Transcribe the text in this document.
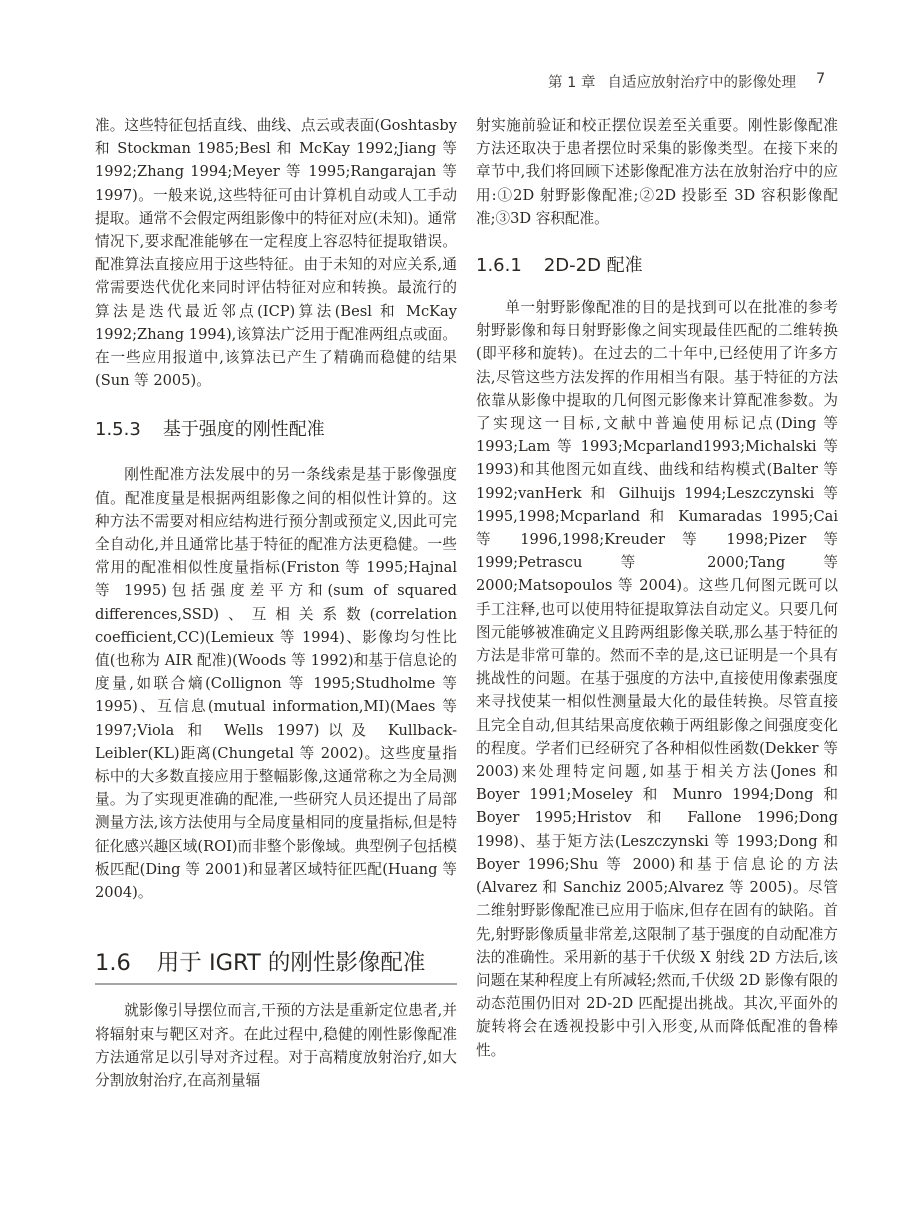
第 1 章 自适应放射治疗中的影像处理 7

准。这些特征包括直线、曲线、点云或表面(Goshtasby 和 Stockman 1985;Besl 和 McKay 1992;Jiang 等 1992;Zhang 1994;Meyer 等 1995;Rangarajan 等 1997)。一般来说,这些特征可由计算机自动或人工手动提取。通常不会假定两组影像中的特征对应(未知)。通常情况下,要求配准能够在一定程度上容忍特征提取错误。配准算法直接应用于这些特征。由于未知的对应关系,通常需要迭代优化来同时评估特征对应和转换。最流行的算法是迭代最近邻点(ICP)算法(Besl 和 McKay 1992;Zhang 1994),该算法广泛用于配准两组点或面。在一些应用报道中,该算法已产生了精确而稳健的结果(Sun 等 2005)。

1.5.3 基于强度的刚性配准

刚性配准方法发展中的另一条线索是基于影像强度值。配准度量是根据两组影像之间的相似性计算的。这种方法不需要对相应结构进行预分割或预定义,因此可完全自动化,并且通常比基于特征的配准方法更稳健。一些常用的配准相似性度量指标(Friston 等 1995;Hajnal 等 1995)包括强度差平方和(sum of squared differences,SSD)、互相关系数(correlation coefficient,CC)(Lemieux 等 1994)、影像均匀性比值(也称为 AIR 配准)(Woods 等 1992)和基于信息论的度量,如联合熵(Collignon 等 1995;Studholme 等 1995)、互信息(mutual information,MI)(Maes 等 1997;Viola 和 Wells 1997)以及 Kullback-Leibler(KL)距离(Chungetal 等 2002)。这些度量指标中的大多数直接应用于整幅影像,这通常称之为全局测量。为了实现更准确的配准,一些研究人员还提出了局部测量方法,该方法使用与全局度量相同的度量指标,但是特征化感兴趣区域(ROI)而非整个影像域。典型例子包括模板匹配(Ding 等 2001)和显著区域特征匹配(Huang 等 2004)。

1.6 用于 IGRT 的刚性影像配准

就影像引导摆位而言,干预的方法是重新定位患者,并将辐射束与靶区对齐。在此过程中,稳健的刚性影像配准方法通常足以引导对齐过程。对于高精度放射治疗,如大分割放射治疗,在高剂量辐

射实施前验证和校正摆位误差至关重要。刚性影像配准方法还取决于患者摆位时采集的影像类型。在接下来的章节中,我们将回顾下述影像配准方法在放射治疗中的应用:①2D 射野影像配准;②2D 投影至 3D 容积影像配准;③3D 容积配准。

1.6.1 2D-2D 配准

单一射野影像配准的目的是找到可以在批准的参考射野影像和每日射野影像之间实现最佳匹配的二维转换(即平移和旋转)。在过去的二十年中,已经使用了许多方法,尽管这些方法发挥的作用相当有限。基于特征的方法依靠从影像中提取的几何图元影像来计算配准参数。为了实现这一目标,文献中普遍使用标记点(Ding 等 1993;Lam 等 1993;Mcparland1993;Michalski 等 1993)和其他图元如直线、曲线和结构模式(Balter 等 1992;vanHerk 和 Gilhuijs 1994;Leszczynski 等 1995,1998;Mcparland 和 Kumaradas 1995;Cai 等 1996,1998;Kreuder 等 1998;Pizer 等 1999;Petrascu 等 2000;Tang 等 2000;Matsopoulos 等 2004)。这些几何图元既可以手工注释,也可以使用特征提取算法自动定义。只要几何图元能够被准确定义且跨两组影像关联,那么基于特征的方法是非常可靠的。然而不幸的是,这已证明是一个具有挑战性的问题。在基于强度的方法中,直接使用像素强度来寻找使某一相似性测量最大化的最佳转换。尽管直接且完全自动,但其结果高度依赖于两组影像之间强度变化的程度。学者们已经研究了各种相似性函数(Dekker 等 2003)来处理特定问题,如基于相关方法(Jones 和 Boyer 1991;Moseley 和 Munro 1994;Dong 和 Boyer 1995;Hristov 和 Fallone 1996;Dong 1998)、基于矩方法(Leszczynski 等 1993;Dong 和 Boyer 1996;Shu 等 2000)和基于信息论的方法(Alvarez 和 Sanchiz 2005;Alvarez 等 2005)。尽管二维射野影像配准已应用于临床,但存在固有的缺陷。首先,射野影像质量非常差,这限制了基于强度的自动配准方法的准确性。采用新的基于千伏级 X 射线 2D 方法后,该问题在某种程度上有所减轻;然而,千伏级 2D 影像有限的动态范围仍旧对 2D-2D 匹配提出挑战。其次,平面外的旋转将会在透视投影中引入形变,从而降低配准的鲁棒性。
